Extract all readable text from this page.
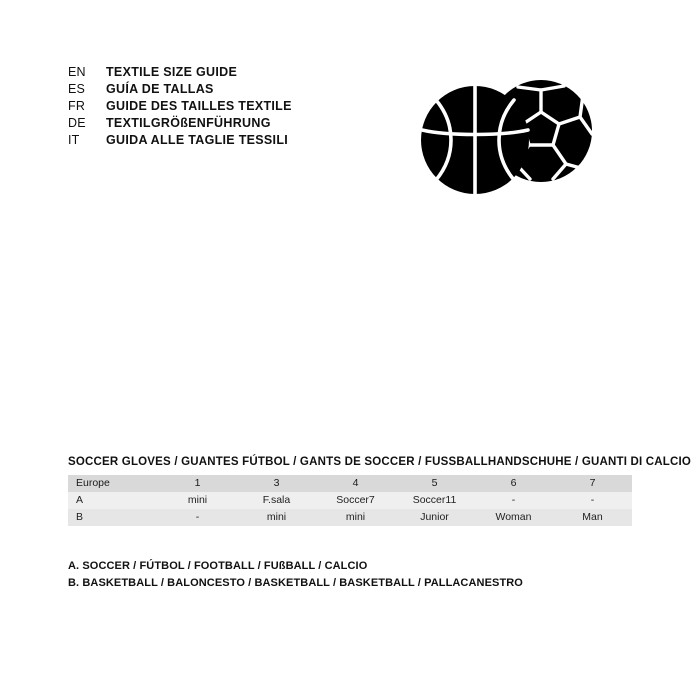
EN	TEXTILE SIZE GUIDE
ES	GUÍA DE TALLAS
FR	GUIDE DES TAILLES TEXTILE
DE	TEXTILGRÖßENFÜHRUNG
IT	GUIDA ALLE TAGLIE TESSILI
SOCCER GLOVES / GUANTES FÚTBOL / GANTS DE SOCCER / FUSSBALLHANDSCHUHE / GUANTI DI CALCIO
Europe	1	3	4	5	6	7
A	mini	F.sala	Soccer7	Soccer11	-	-
B	-	mini	mini	Junior	Woman	Man
A. SOCCER / FÚTBOL / FOOTBALL / FUßBALL / CALCIO
B. BASKETBALL / BALONCESTO / BASKETBALL / BASKETBALL / PALLACANESTRO
